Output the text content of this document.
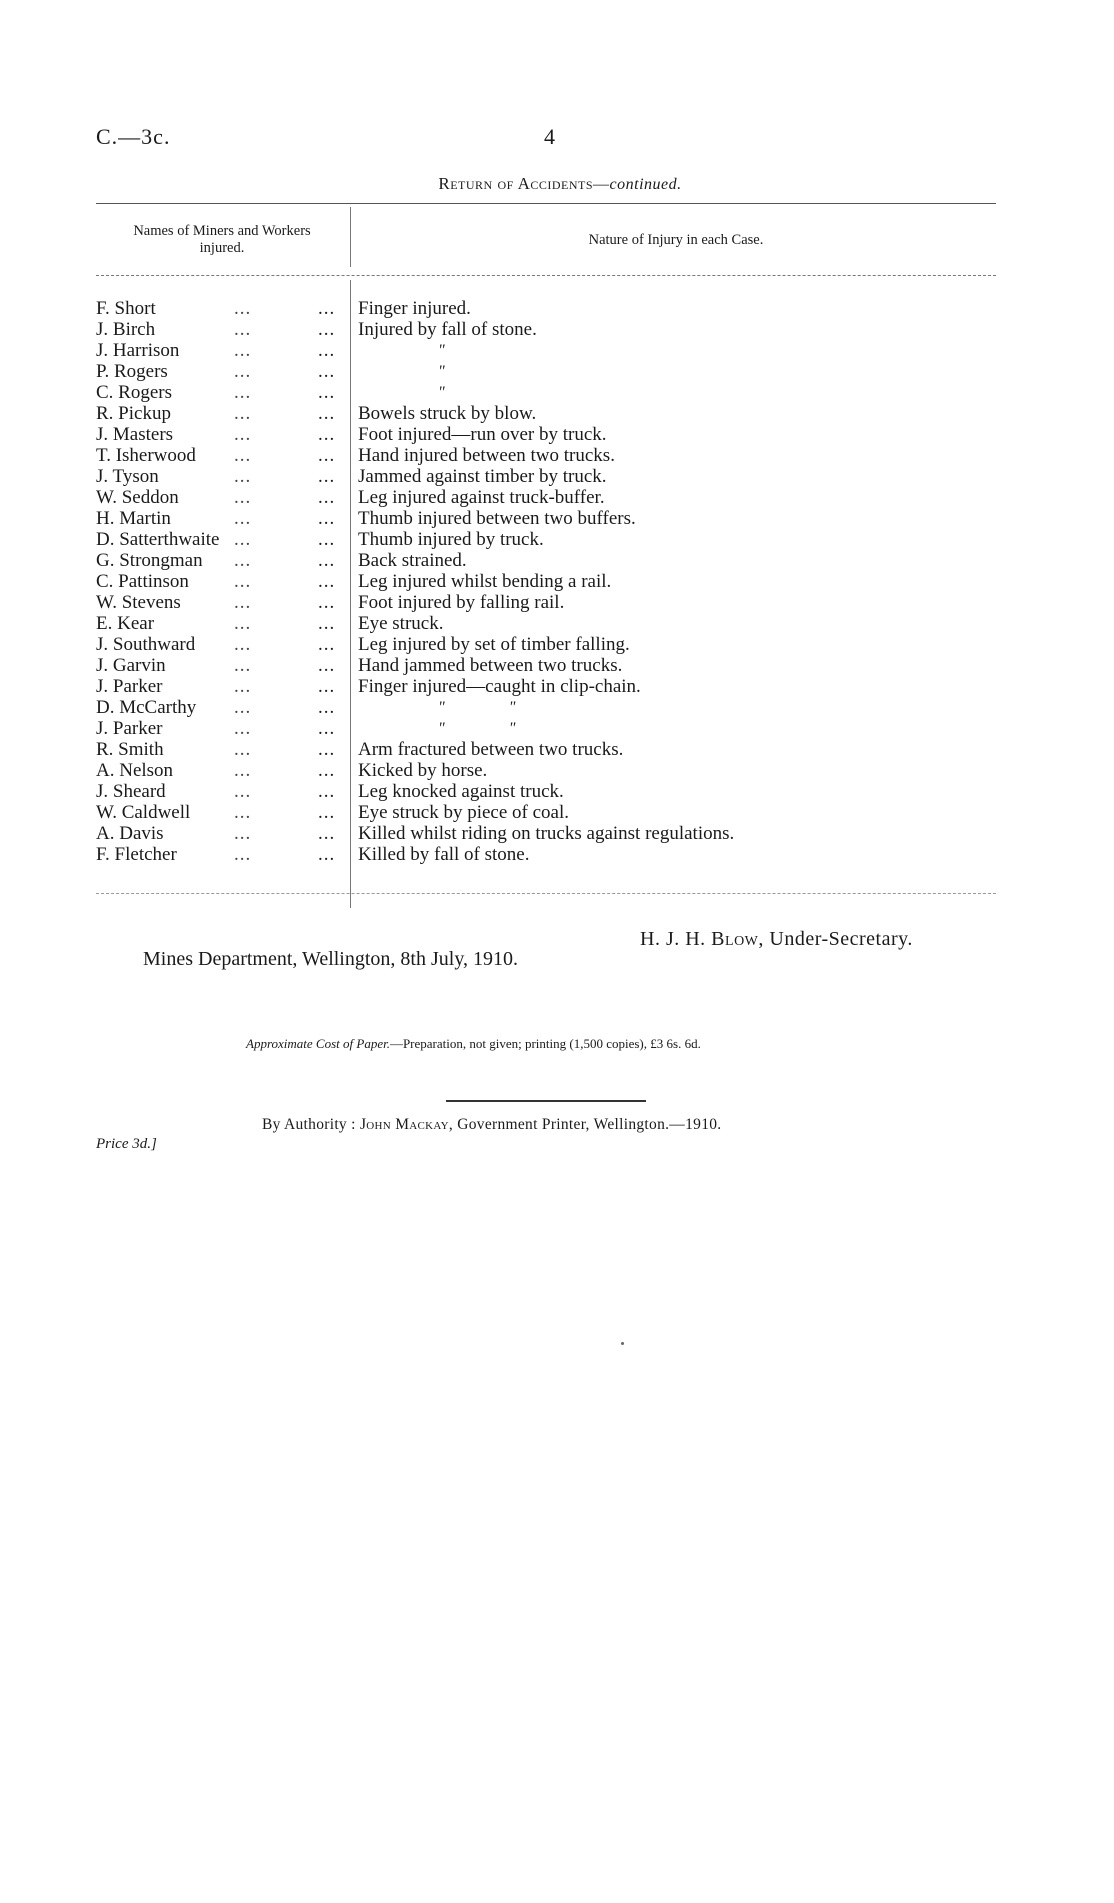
C.—3c.	4
Return of Accidents—continued.
Names of Miners and Workers
injured.	Nature of Injury in each Case.
F. Short	...	... Finger injured.
J. Birch	...	... Injured by fall of stone.
J. Harrison	...	...	"
P. Rogers	...	...	"
C. Rogers	...	...	"
R. Pickup	...	... Bowels struck by blow.
J. Masters	...	... Foot injured—run over by truck.
T. Isherwood ...	... Hand injured between two trucks.
J. Tyson	...	... Jammed against timber by truck.
W. Seddon	...	... Leg injured against truck-buffer.
H. Martin	...	... Thumb injured between two buffers.
D. Satterthwaite ...	... Thumb injured by truck.
G. Strongman ...	... Back strained.
C. Pattinson ...	... Leg injured whilst bending a rail.
W. Stevens	...	... Foot injured by falling rail.
E. Kear	...	... Eye struck.
J. Southward ...	... Leg injured by set of timber falling.
J. Garvin	...	... Hand jammed between two trucks.
J. Parker	...	... Finger injured—caught in clip-chain.
D. McCarthy ...	...	"                "
J. Parker	...	...	"                "
R. Smith	...	... Arm fractured between two trucks.
A. Nelson	...	... Kicked by horse.
J. Sheard	...	... Leg knocked against truck.
W. Caldwell ...	... Eye struck by piece of coal.
A. Davis	...	... Killed whilst riding on trucks against regulations.
F. Fletcher	...	... Killed by fall of stone.
H. J. H. Blow, Under-Secretary.
Mines Department, Wellington, 8th July, 1910.
Approximate Cost of Paper.—Preparation, not given; printing (1,500 copies), £3 6s. 6d.
By Authority : John Mackay, Government Printer, Wellington.—1910.
Price 3d.]
